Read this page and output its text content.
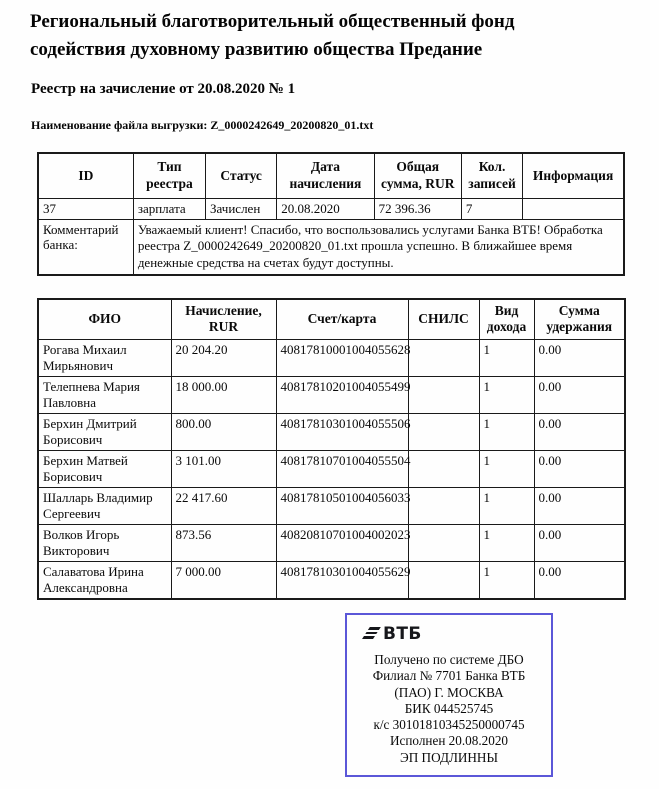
Региональный благотворительный общественный фонд
содействия духовному развитию общества Предание
Реестр на зачисление от 20.08.2020 № 1
Наименование файла выгрузки: Z_0000242649_20200820_01.txt
ID	Тип реестра	Статус	Дата начисления	Общая сумма, RUR	Кол. записей	Информация
37	зарплата	Зачислен	20.08.2020	72 396.36	7	
Комментарий банка:	Уважаемый клиент! Спасибо, что воспользовались услугами Банка ВТБ! Обработка реестра Z_0000242649_20200820_01.txt прошла успешно. В ближайшее время денежные средства на счетах будут доступны.					
ФИО	Начисление, RUR	Счет/карта	СНИЛС	Вид дохода	Сумма удержания
Рогава Михаил Мирьянович	20 204.20	40817810001004055628		1	0.00
Телепнева Мария Павловна	18 000.00	40817810201004055499		1	0.00
Берхин Дмитрий Борисович	800.00	40817810301004055506		1	0.00
Берхин Матвей Борисович	3 101.00	40817810701004055504		1	0.00
Шалларь Владимир Сергеевич	22 417.60	40817810501004056033		1	0.00
Волков Игорь Викторович	873.56	40820810701004002023		1	0.00
Салаватова Ирина Александровна	7 000.00	40817810301004055629		1	0.00
ВТБ
Получено по системе ДБО
Филиал № 7701 Банка ВТБ
(ПАО) Г. МОСКВА
БИК 044525745
к/с 30101810345250000745
Исполнен 20.08.2020
ЭП ПОДЛИННЫ
